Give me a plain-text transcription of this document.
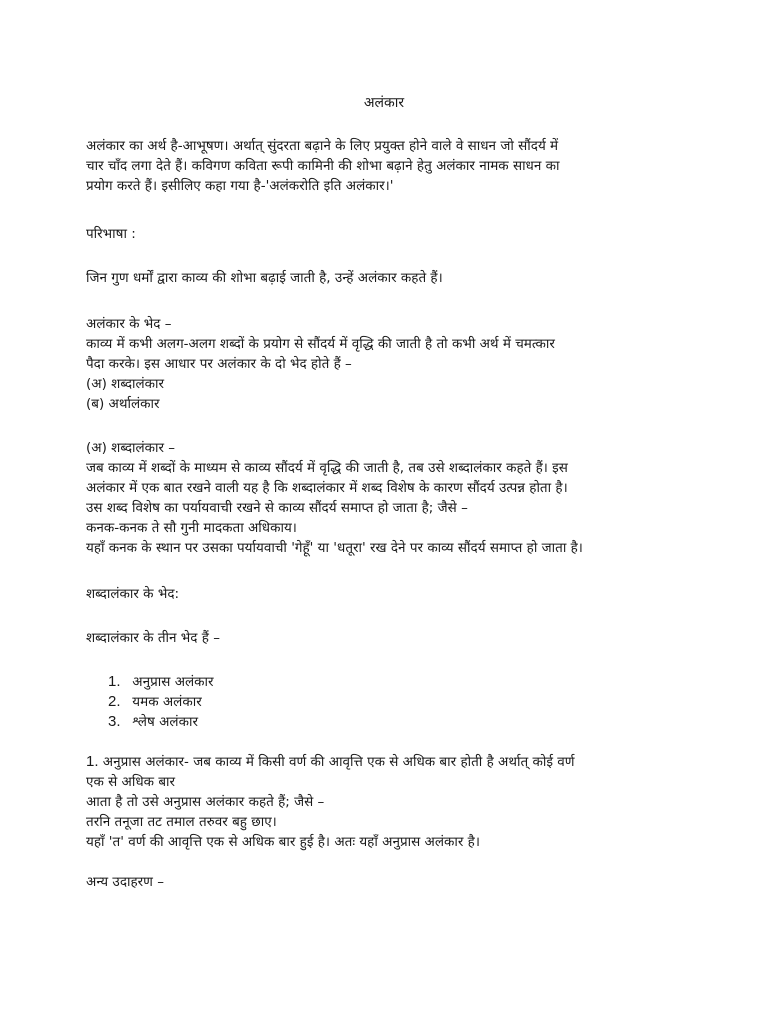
अलंकार
अलंकार का अर्थ है-आभूषण। अर्थात् सुंदरता बढ़ाने के लिए प्रयुक्त होने वाले वे साधन जो सौंदर्य में
चार चाँद लगा देते हैं। कविगण कविता रूपी कामिनी की शोभा बढ़ाने हेतु अलंकार नामक साधन का
प्रयोग करते हैं। इसीलिए कहा गया है-'अलंकरोति इति अलंकार।'
परिभाषा :
जिन गुण धर्मों द्वारा काव्य की शोभा बढ़ाई जाती है, उन्हें अलंकार कहते हैं।
अलंकार के भेद –
काव्य में कभी अलग-अलग शब्दों के प्रयोग से सौंदर्य में वृद्धि की जाती है तो कभी अर्थ में चमत्कार
पैदा करके। इस आधार पर अलंकार के दो भेद होते हैं –
(अ) शब्दालंकार
(ब) अर्थालंकार
(अ) शब्दालंकार –
जब काव्य में शब्दों के माध्यम से काव्य सौंदर्य में वृद्धि की जाती है, तब उसे शब्दालंकार कहते हैं। इस
अलंकार में एक बात रखने वाली यह है कि शब्दालंकार में शब्द विशेष के कारण सौंदर्य उत्पन्न होता है।
उस शब्द विशेष का पर्यायवाची रखने से काव्य सौंदर्य समाप्त हो जाता है; जैसे –
कनक-कनक ते सौ गुनी मादकता अधिकाय।
यहाँ कनक के स्थान पर उसका पर्यायवाची 'गेहूँ' या 'धतूरा' रख देने पर काव्य सौंदर्य समाप्त हो जाता है।
शब्दालंकार के भेद:
शब्दालंकार के तीन भेद हैं –
1. अनुप्रास अलंकार
2. यमक अलंकार
3. श्लेष अलंकार
1. अनुप्रास अलंकार- जब काव्य में किसी वर्ण की आवृत्ति एक से अधिक बार होती है अर्थात् कोई वर्ण
एक से अधिक बार
आता है तो उसे अनुप्रास अलंकार कहते हैं; जैसे –
तरनि तनूजा तट तमाल तरुवर बहु छाए।
यहाँ 'त' वर्ण की आवृत्ति एक से अधिक बार हुई है। अतः यहाँ अनुप्रास अलंकार है।
अन्य उदाहरण –
